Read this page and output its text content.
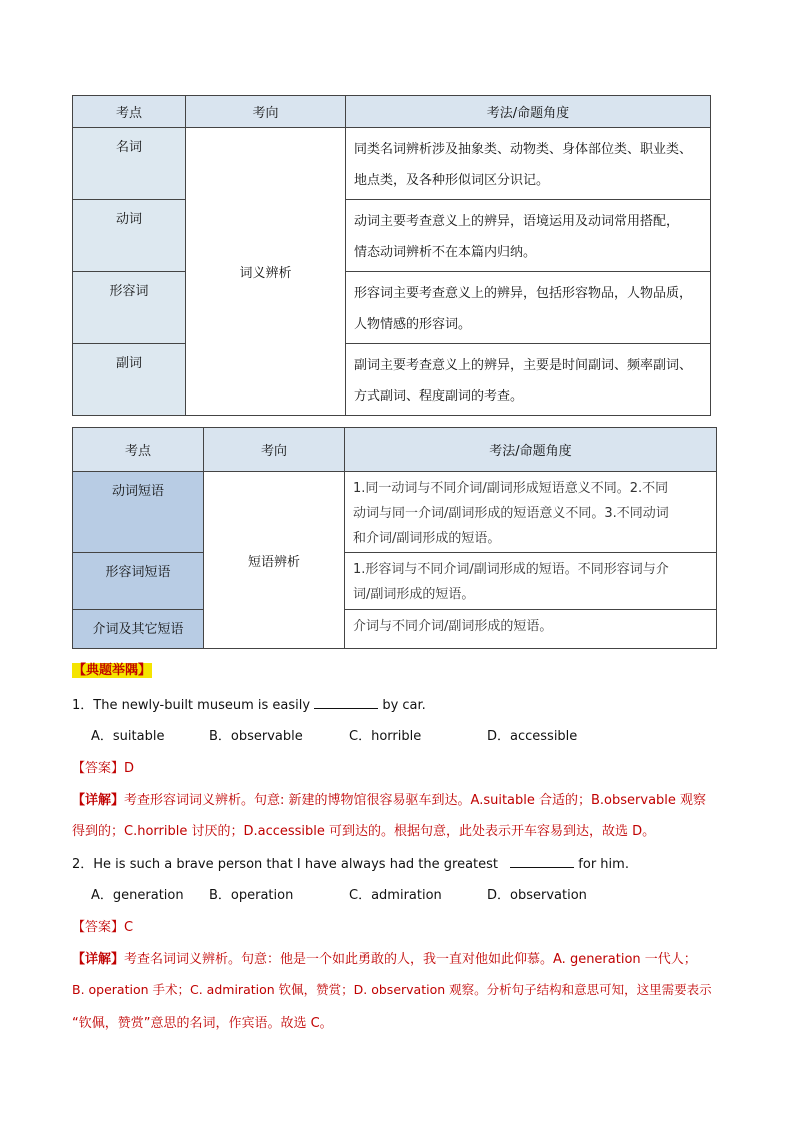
考点	考向	考法/命题角度
名词	词义辨析	同类名词辨析涉及抽象类、动物类、身体部位类、职业类、
地点类，及各种形似词区分识记。

动词		动词主要考查意义上的辨异，语境运用及动词常用搭配，
情态动词辨析不在本篇内归纳。

形容词		形容词主要考查意义上的辨异，包括形容物品，人物品质，
人物情感的形容词。

副词		副词主要考查意义上的辨异，主要是时间副词、频率副词、
方式副词、程度副词的考查。
考点	考向	考法/命题角度
动词短语	短语辨析	1.同一动词与不同介词/副词形成短语意义不同。2.不同
动词与同一介词/副词形成的短语意义不同。3.不同动词
和介词/副词形成的短语。

形容词短语		1.形容词与不同介词/副词形成的短语。不同形容词与介
词/副词形成的短语。

介词及其它短语		介词与不同介词/副词形成的短语。
【典题举隅】
1．The newly-built museum is easily	by car.
A．suitable	B．observable	C．horrible	D．accessible
【答案】D
【详解】考查形容词词义辨析。句意: 新建的博物馆很容易驱车到达。A.suitable 合适的；B.observable 观察
得到的；C.horrible 讨厌的；D.accessible 可到达的。根据句意，此处表示开车容易到达，故选 D。
2．He is such a brave person that I have always had the greatest	for him.
A．generation B．operation	C．admiration	D．observation
【答案】C
【详解】考查名词词义辨析。句意：他是一个如此勇敢的人，我一直对他如此仰慕。A. generation 一代人；
B. operation 手术；C. admiration 钦佩，赞赏；D. observation 观察。分析句子结构和意思可知，这里需要表示
“钦佩，赞赏”意思的名词，作宾语。故选 C。
